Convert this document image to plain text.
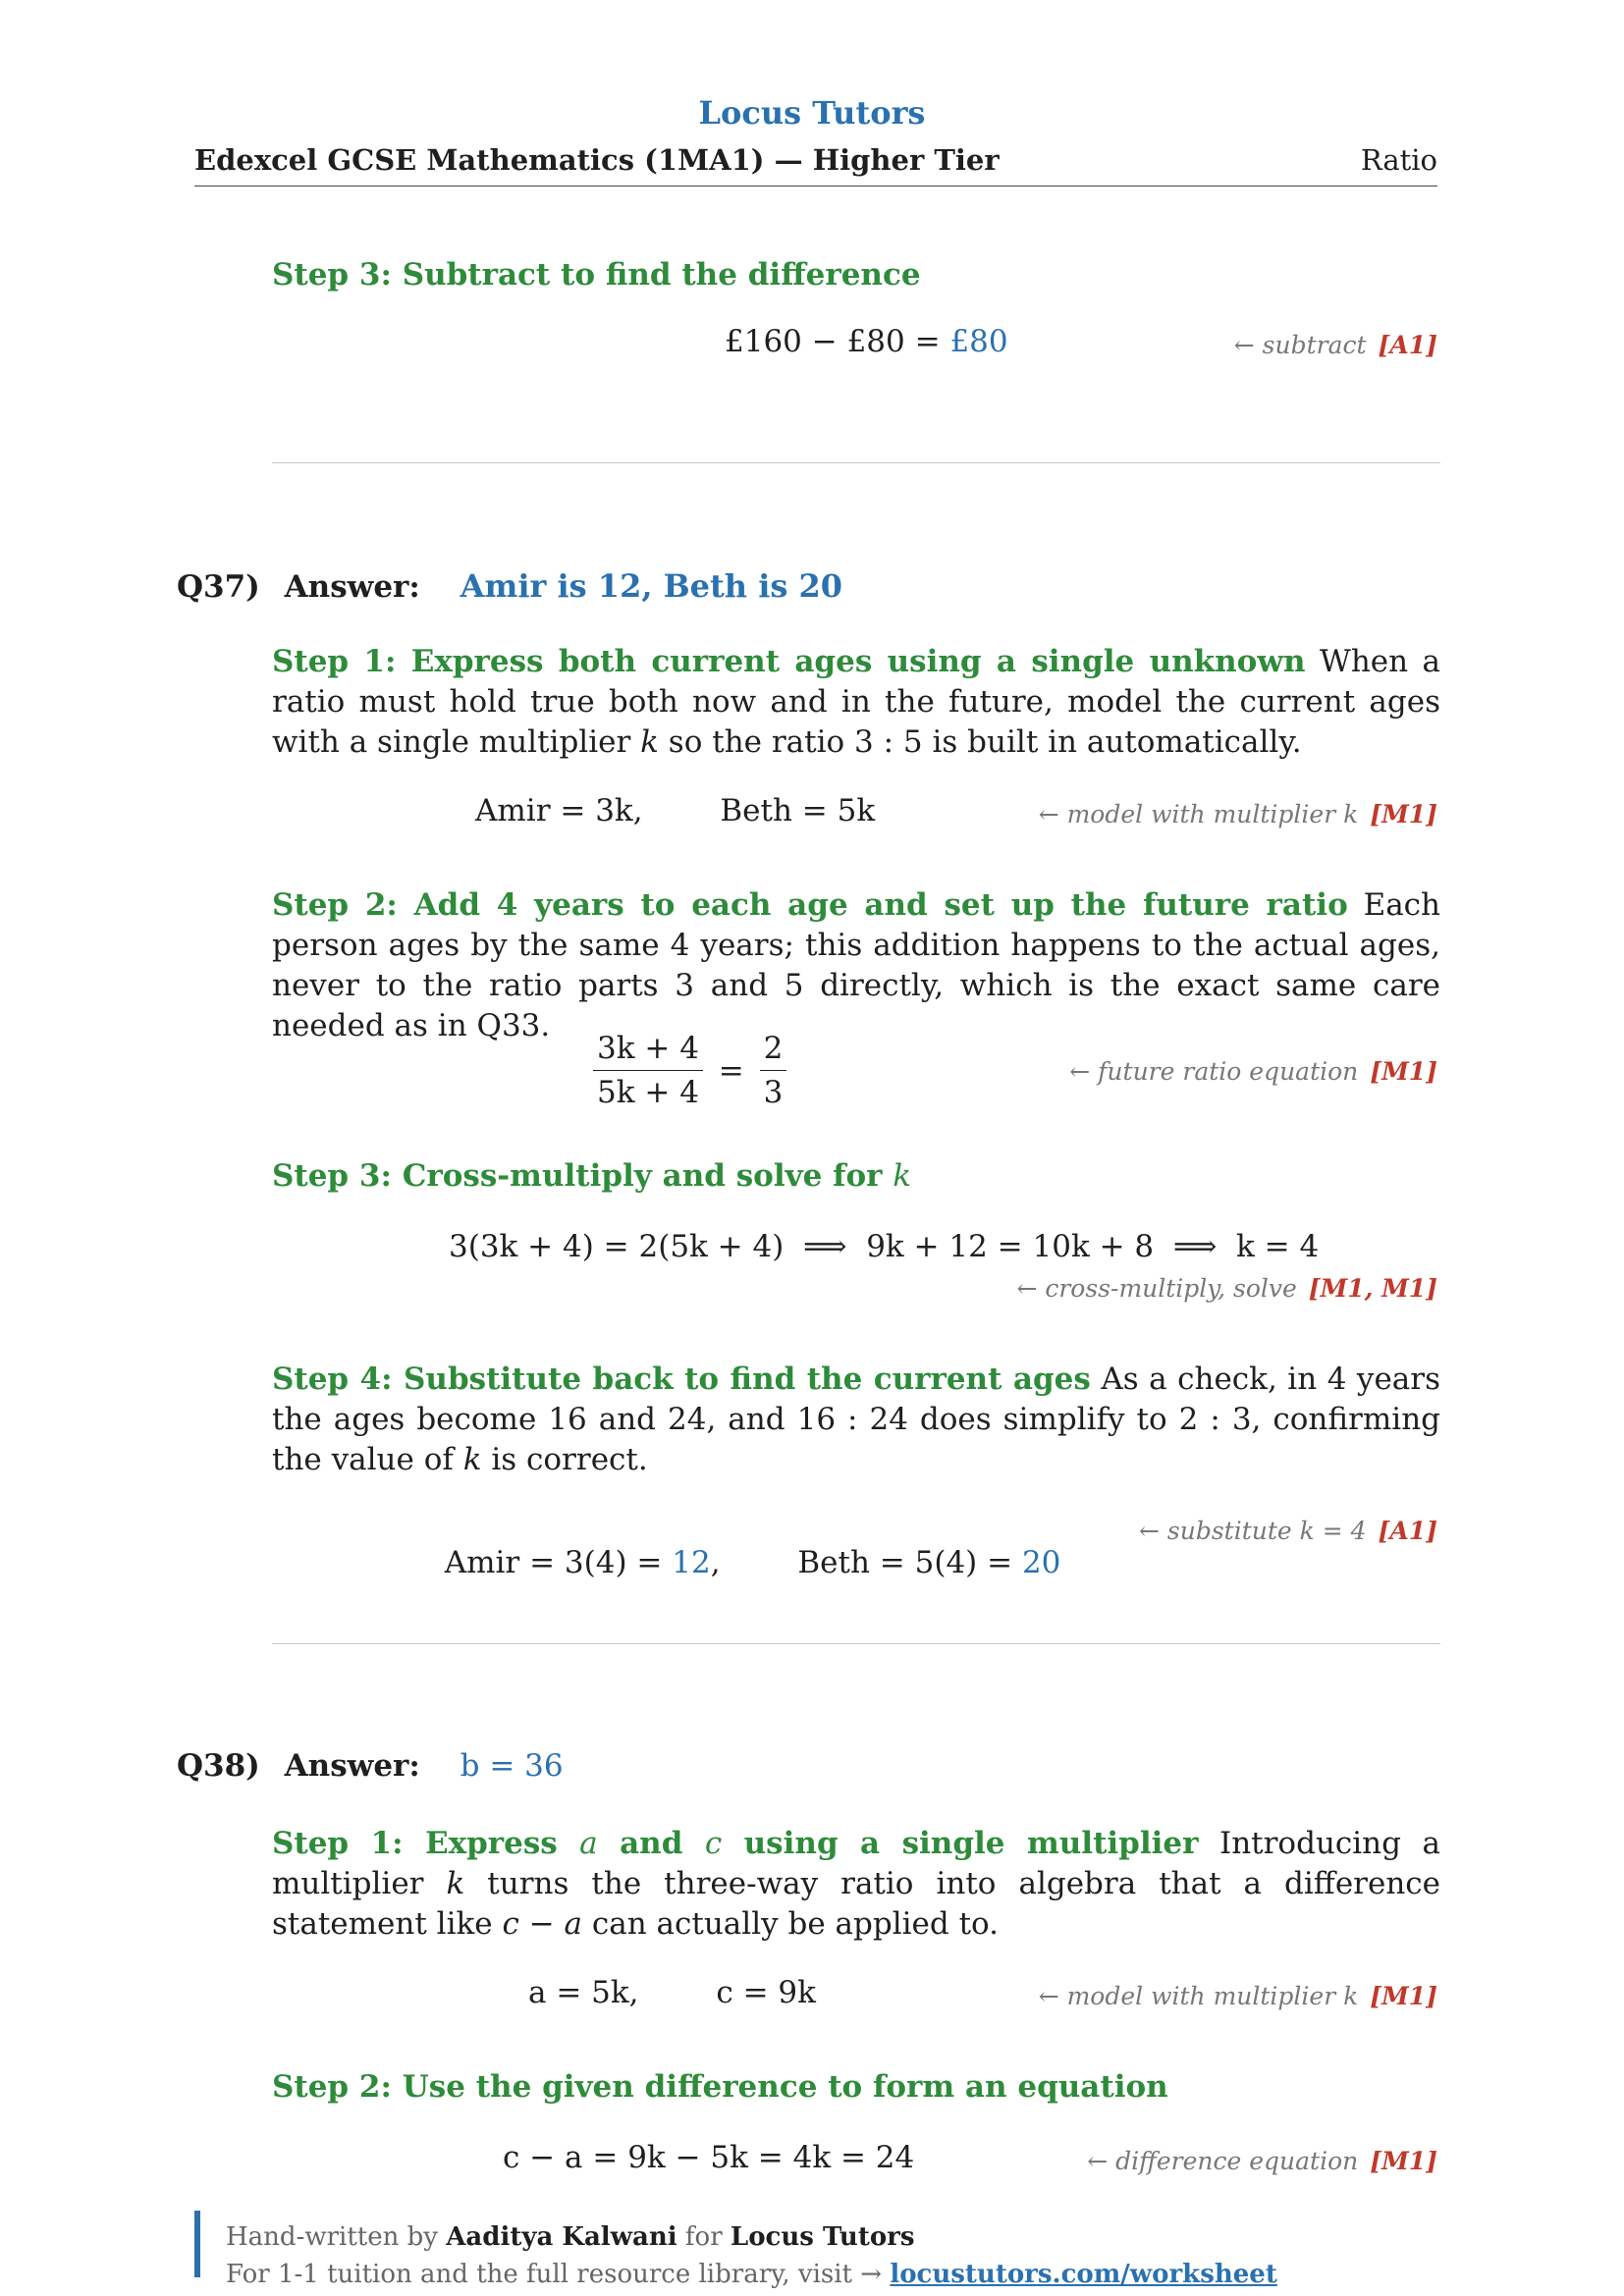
Locus Tutors
Edexcel GCSE Mathematics (1MA1) — Higher Tier	Ratio
Step 3: Subtract to find the difference
£160 − £80 = £80	← subtract [A1]
Q37) Answer: Amir is 12, Beth is 20
Step 1: Express both current ages using a single unknown When a ratio must hold true both now and in the future, model the current ages with a single multiplier k so the ratio 3 : 5 is built in automatically.
Amir = 3k,        Beth = 5k	← model with multiplier k [M1]
Step 2: Add 4 years to each age and set up the future ratio Each person ages by the same 4 years; this addition happens to the actual ages, never to the ratio parts 3 and 5 directly, which is the exact same care needed as in Q33.
$\frac{3k + 4}{5k + 4} = \frac{2}{3}$	← future ratio equation [M1]
Step 3: Cross-multiply and solve for k
3(3k + 4) = 2(5k + 4)  ⟹  9k + 12 = 10k + 8  ⟹  k = 4
← cross-multiply, solve [M1, M1]
Step 4: Substitute back to find the current ages As a check, in 4 years the ages become 16 and 24, and 16 : 24 does simplify to 2 : 3, confirming the value of k is correct.

Amir = 3(4) = 12,        Beth = 5(4) = 20

← substitute k = 4 [A1]
Q38) Answer: b = 36
Step 1: Express a and c using a single multiplier Introducing a multiplier k turns the three-way ratio into algebra that a difference statement like c − a can actually be applied to.
a = 5k,        c = 9k	← model with multiplier k [M1]
Step 2: Use the given difference to form an equation
c − a = 9k − 5k = 4k = 24	← difference equation [M1]
Hand-written by Aaditya Kalwani for Locus Tutors
For 1-1 tuition and the full resource library, visit → locustutors.com/worksheet
